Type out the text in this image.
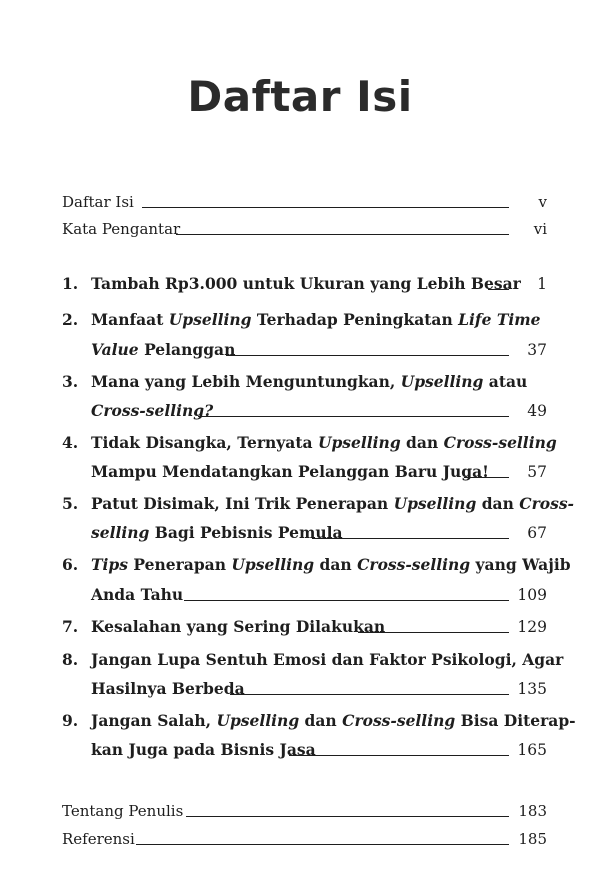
Daftar Isi
Daftar Isi	v
Kata Pengantar	vi
1. Tambah Rp3.000 untuk Ukuran yang Lebih Besar 1
2. Manfaat Upselling Terhadap Peningkatan Life Time
Value Pelanggan	37
3. Mana yang Lebih Menguntungkan, Upselling atau
Cross-selling?	49
4. Tidak Disangka, Ternyata Upselling dan Cross-selling
Mampu Mendatangkan Pelanggan Baru Juga! 57
5. Patut Disimak, Ini Trik Penerapan Upselling dan Cross-
selling Bagi Pebisnis Pemula	67
6. Tips Penerapan Upselling dan Cross-selling yang Wajib
Anda Tahu	109
7. Kesalahan yang Sering Dilakukan	129
8. Jangan Lupa Sentuh Emosi dan Faktor Psikologi, Agar
Hasilnya Berbeda	135
9. Jangan Salah, Upselling dan Cross-selling Bisa Diterap-
kan Juga pada Bisnis Jasa	165
Tentang Penulis	183
Referensi	185
